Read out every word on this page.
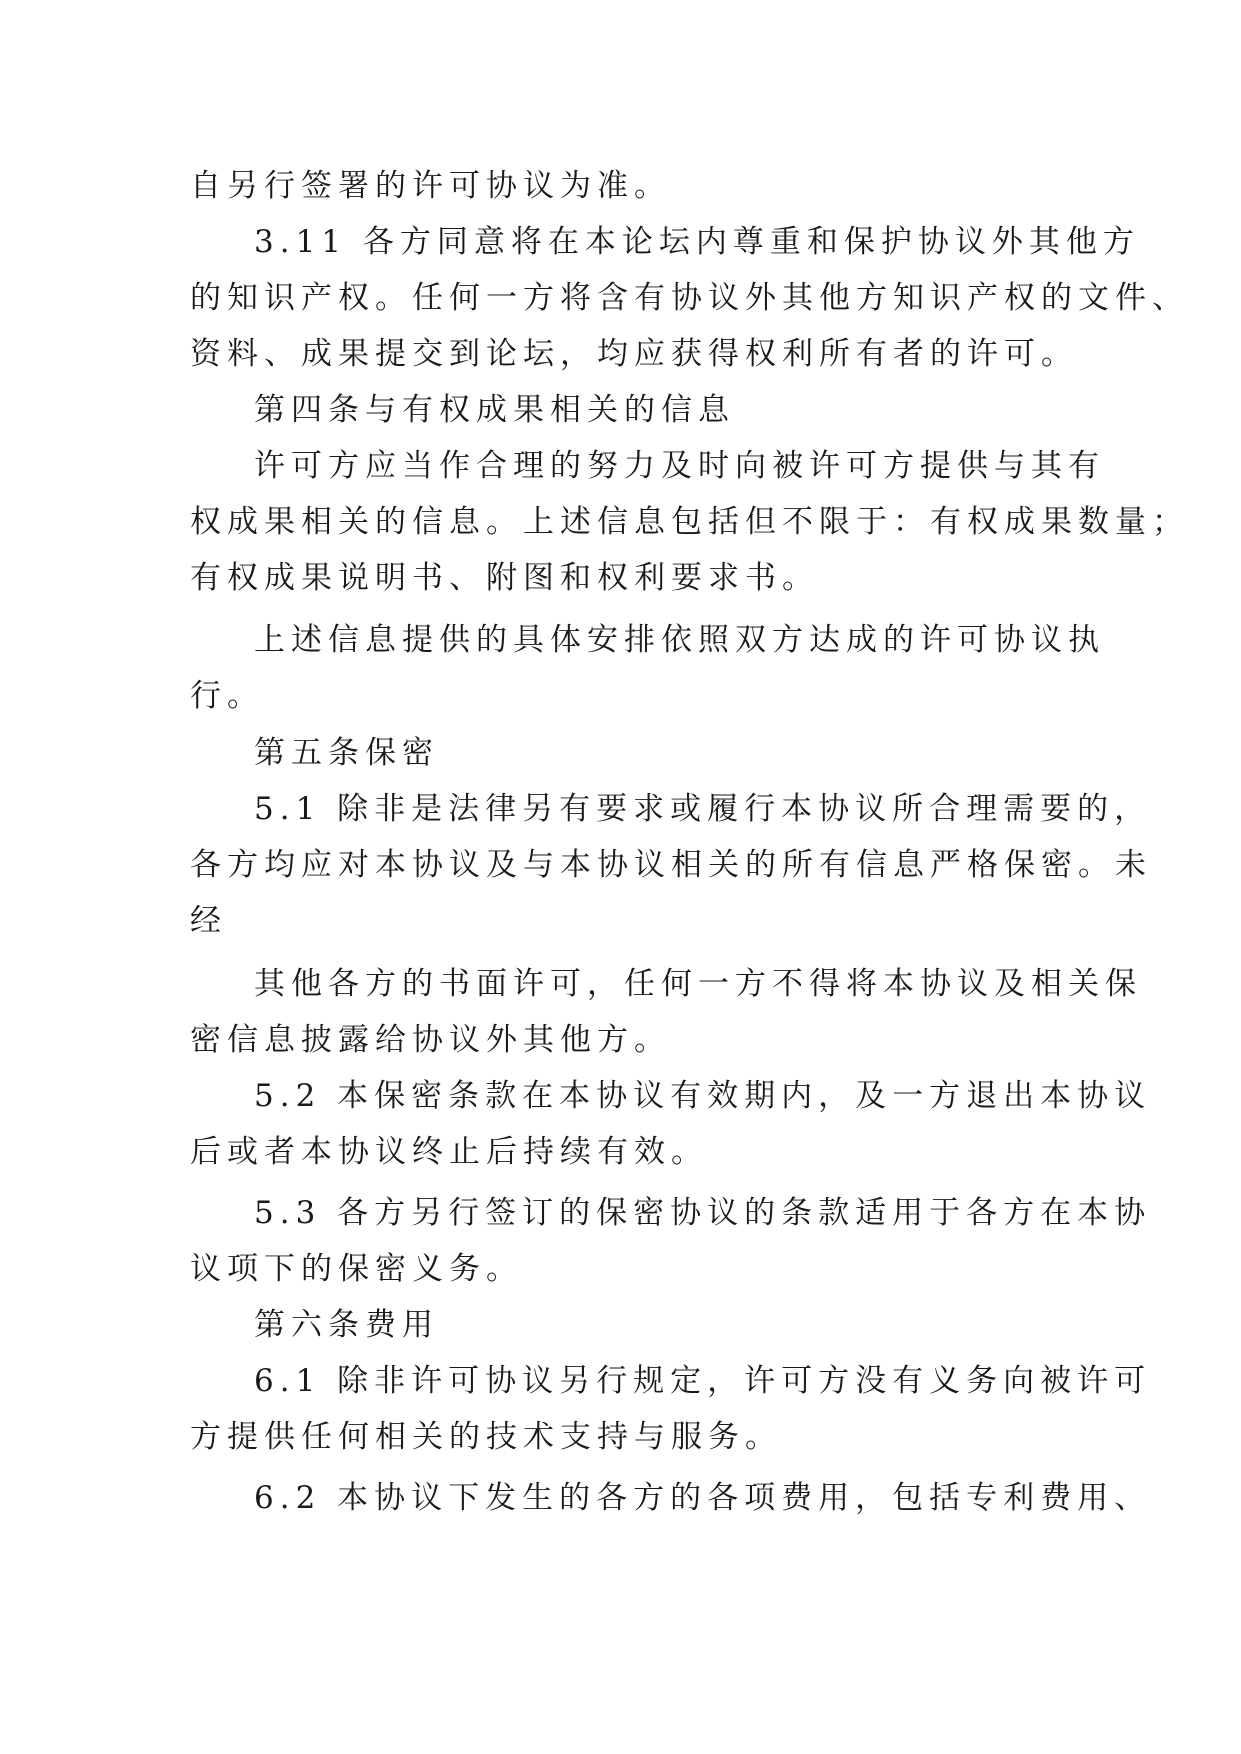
自另行签署的许可协议为准。
3.11 各方同意将在本论坛内尊重和保护协议外其他方
的知识产权。任何一方将含有协议外其他方知识产权的文件、
资料、成果提交到论坛，均应获得权利所有者的许可。
第四条与有权成果相关的信息
许可方应当作合理的努力及时向被许可方提供与其有
权成果相关的信息。上述信息包括但不限于：有权成果数量；
有权成果说明书、附图和权利要求书。
上述信息提供的具体安排依照双方达成的许可协议执
行。
第五条保密
5.1 除非是法律另有要求或履行本协议所合理需要的，
各方均应对本协议及与本协议相关的所有信息严格保密。未
经
其他各方的书面许可，任何一方不得将本协议及相关保
密信息披露给协议外其他方。
5.2 本保密条款在本协议有效期内，及一方退出本协议
后或者本协议终止后持续有效。
5.3 各方另行签订的保密协议的条款适用于各方在本协
议项下的保密义务。
第六条费用
6.1 除非许可协议另行规定，许可方没有义务向被许可
方提供任何相关的技术支持与服务。
6.2 本协议下发生的各方的各项费用，包括专利费用、
